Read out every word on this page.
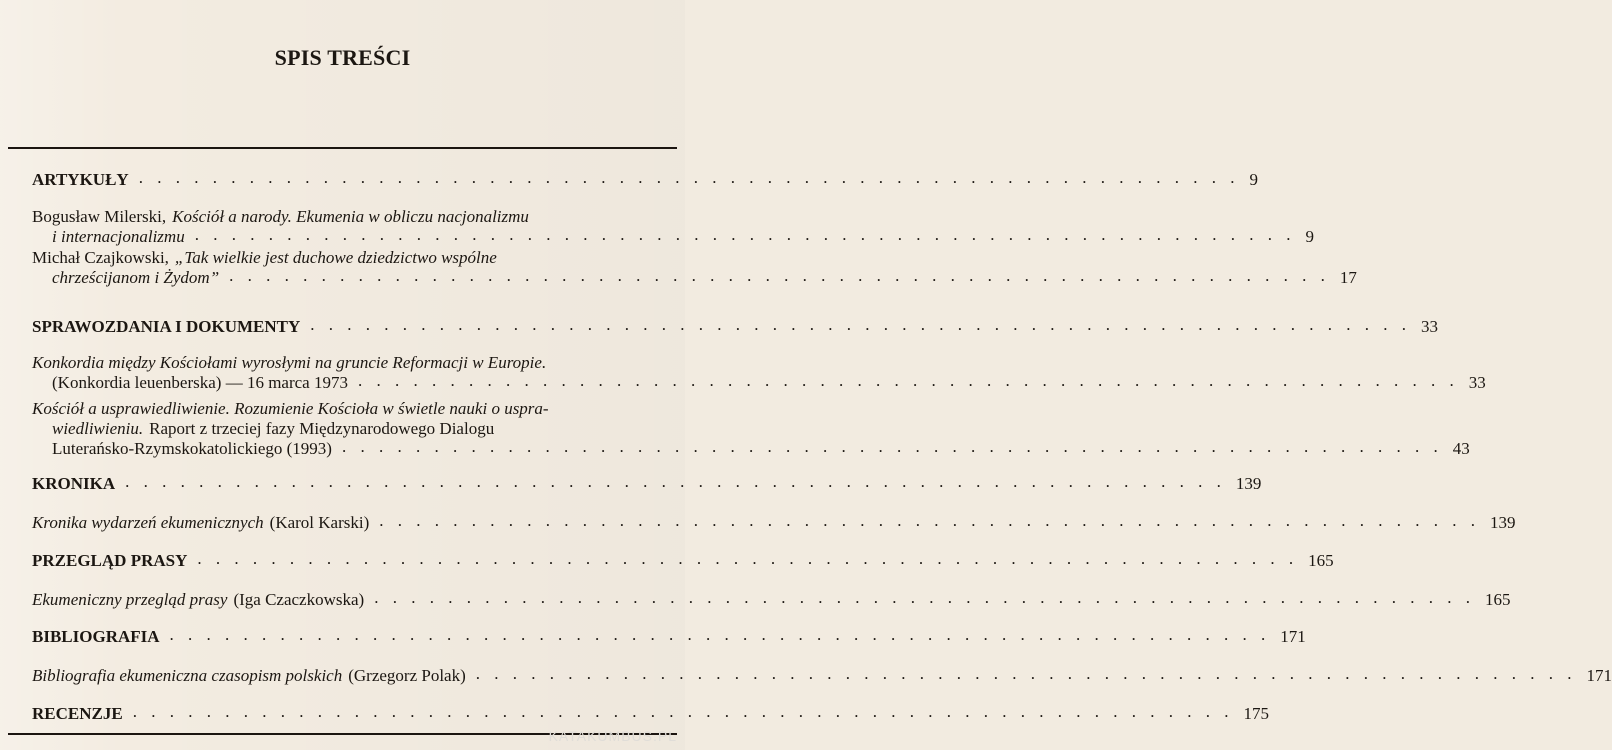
SPIS TREŚCI
ARTYKUŁY . . . . . . . . . . . . . . . . . . . . . . . . . . . . . . . . . . . . . . . . . . . . . . . . . . . . . . . . . . . . 9
Bogusław Milerski, Kościół a narody. Ekumenia w obliczu nacjonalizmu
i internacjonalizmu . . . . . . . . . . . . . . . . . . . . . . . . . . . . . . . . . . . . . . . . . . . . . . . . . . . . . . . . . . . . 9
Michał Czajkowski, „Tak wielkie jest duchowe dziedzictwo wspólne
chrześcijanom i Żydom” . . . . . . . . . . . . . . . . . . . . . . . . . . . . . . . . . . . . . . . . . . . . . . . . . . . . . . . . . . . . 17
SPRAWOZDANIA I DOKUMENTY . . . . . . . . . . . . . . . . . . . . . . . . . . . . . . . . . . . . . . . . . . . . . . . . . . . . . . . . . . . . 33
Konkordia między Kościołami wyrosłymi na gruncie Reformacji w Europie.
(Konkordia leuenberska) — 16 marca 1973 . . . . . . . . . . . . . . . . . . . . . . . . . . . . . . . . . . . . . . . . . . . . . . . . . . . . . . . . . . . . 33
Kościół a usprawiedliwienie. Rozumienie Kościoła w świetle nauki o uspra-
wiedliwieniu. Raport z trzeciej fazy Międzynarodowego Dialogu
Luterańsko-Rzymskokatolickiego (1993) . . . . . . . . . . . . . . . . . . . . . . . . . . . . . . . . . . . . . . . . . . . . . . . . . . . . . . . . . . . . 43
KRONIKA . . . . . . . . . . . . . . . . . . . . . . . . . . . . . . . . . . . . . . . . . . . . . . . . . . . . . . . . . . . . 139
Kronika wydarzeń ekumenicznych (Karol Karski) . . . . . . . . . . . . . . . . . . . . . . . . . . . . . . . . . . . . . . . . . . . . . . . . . . . . . . . . . . . . 139
PRZEGLĄD PRASY . . . . . . . . . . . . . . . . . . . . . . . . . . . . . . . . . . . . . . . . . . . . . . . . . . . . . . . . . . . . 165
Ekumeniczny przegląd prasy (Iga Czaczkowska) . . . . . . . . . . . . . . . . . . . . . . . . . . . . . . . . . . . . . . . . . . . . . . . . . . . . . . . . . . . . 165
BIBLIOGRAFIA . . . . . . . . . . . . . . . . . . . . . . . . . . . . . . . . . . . . . . . . . . . . . . . . . . . . . . . . . . . . 171
Bibliografia ekumeniczna czasopism polskich (Grzegorz Polak) . . . . . . . . . . . . . . . . . . . . . . . . . . . . . . . . . . . . . . . . . . . . . . . . . . . . . . . . . . . . 171
RECENZJE . . . . . . . . . . . . . . . . . . . . . . . . . . . . . . . . . . . . . . . . . . . . . . . . . . . . . . . . . . . . 175
KATAKUMBUS.PL
